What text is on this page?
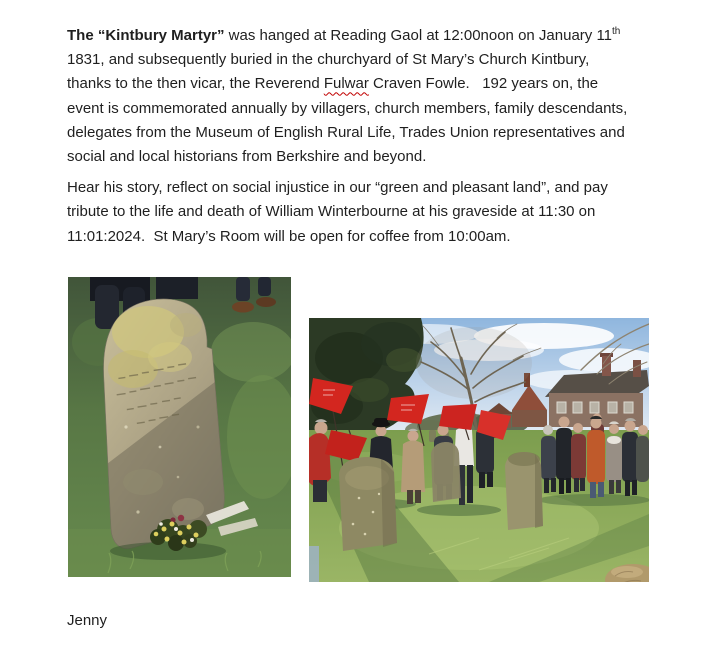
The “Kintbury Martyr” was hanged at Reading Gaol at 12:00noon on January 11th
1831, and subsequently buried in the churchyard of St Mary’s Church Kintbury,
thanks to the then vicar, the Reverend Fulwar Craven Fowle.   192 years on, the
event is commemorated annually by villagers, church members, family descendants,
delegates from the Museum of English Rural Life, Trades Union representatives and
social and local historians from Berkshire and beyond.
Hear his story, reflect on social injustice in our “green and pleasant land”, and pay
tribute to the life and death of William Winterbourne at his graveside at 11:30 on
11:01:2024.  St Mary’s Room will be open for coffee from 10:00am.
Jenny
